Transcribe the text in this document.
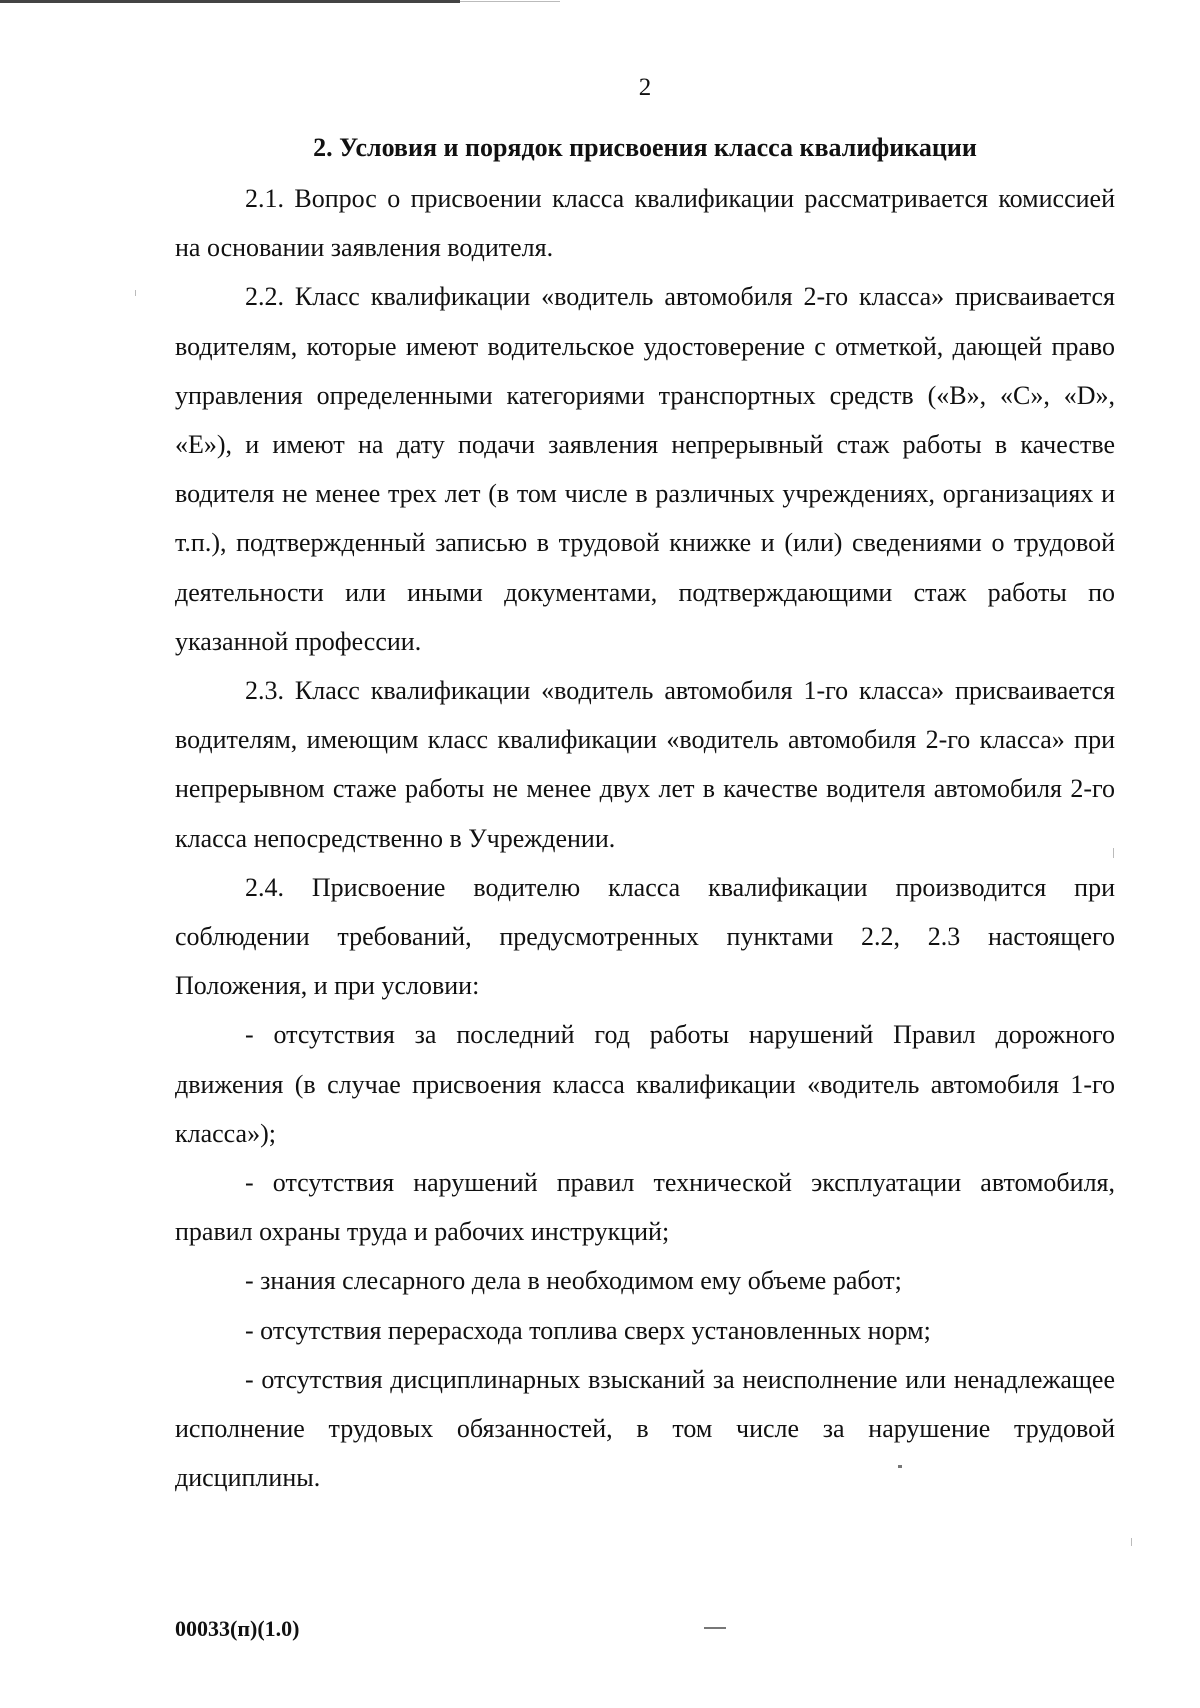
2
2. Условия и порядок присвоения класса квалификации

2.1. Вопрос о присвоении класса квалификации рассматривается комиссией на основании заявления водителя.

2.2. Класс квалификации «водитель автомобиля 2-го класса» присваивается водителям, которые имеют водительское удостоверение с отметкой, дающей право управления определенными категориями транспортных средств («В», «С», «D», «Е»), и имеют на дату подачи заявления непрерывный стаж работы в качестве водителя не менее трех лет (в том числе в различных учреждениях, организациях и т.п.), подтвержденный записью в трудовой книжке и (или) сведениями о трудовой деятельности или иными документами, подтверждающими стаж работы по указанной профессии.

2.3. Класс квалификации «водитель автомобиля 1-го класса» присваивается водителям, имеющим класс квалификации «водитель автомобиля 2-го класса» при непрерывном стаже работы не менее двух лет в качестве водителя автомобиля 2-го класса непосредственно в Учреждении.

2.4. Присвоение водителю класса квалификации производится при соблюдении требований, предусмотренных пунктами 2.2, 2.3 настоящего Положения, и при условии:

- отсутствия за последний год работы нарушений Правил дорожного движения (в случае присвоения класса квалификации «водитель автомобиля 1-го класса»);

- отсутствия нарушений правил технической эксплуатации автомобиля, правил охраны труда и рабочих инструкций;

- знания слесарного дела в необходимом ему объеме работ;

- отсутствия перерасхода топлива сверх установленных норм;

- отсутствия дисциплинарных взысканий за неисполнение или ненадлежащее исполнение трудовых обязанностей, в том числе за нарушение трудовой дисциплины.

00033(п)(1.0)
